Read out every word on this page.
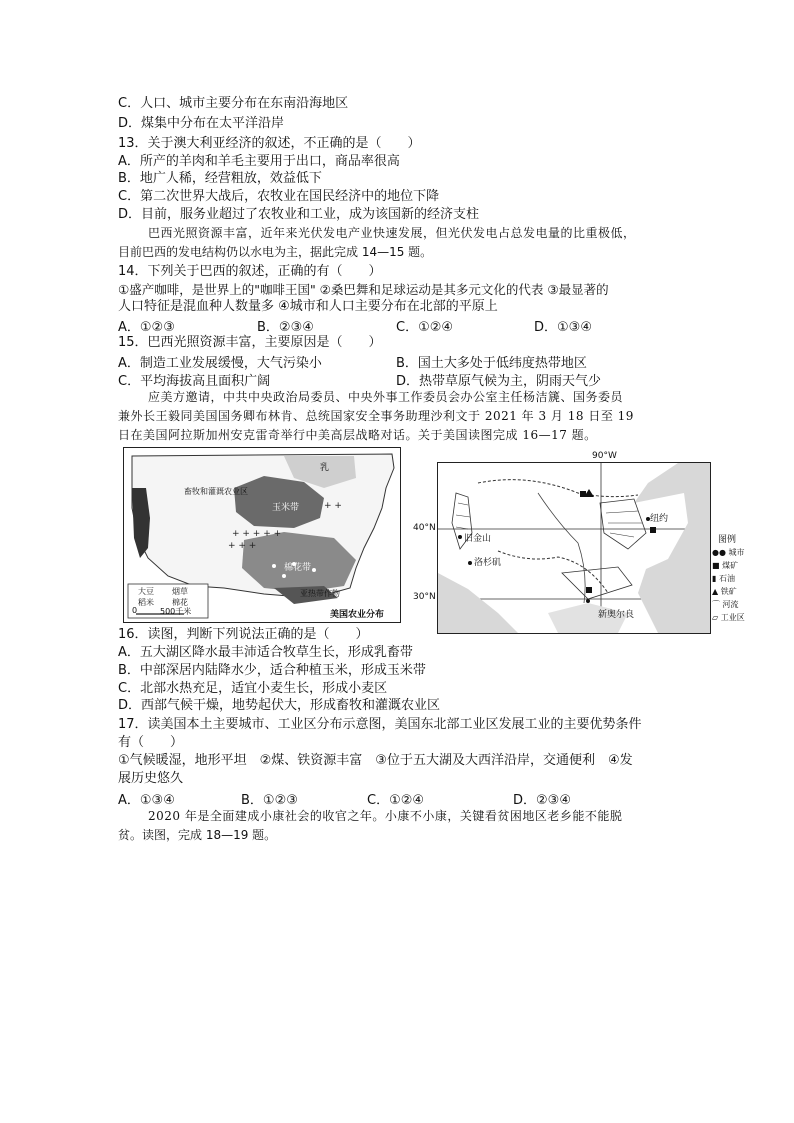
C．人口、城市主要分布在东南沿海地区
D．煤集中分布在太平洋沿岸
13．关于澳大利亚经济的叙述，不正确的是（　　）
A．所产的羊肉和羊毛主要用于出口，商品率很高
B．地广人稀，经营粗放，效益低下
C．第二次世界大战后，农牧业在国民经济中的地位下降
D．目前，服务业超过了农牧业和工业，成为该国新的经济支柱
巴西光照资源丰富，近年来光伏发电产业快速发展，但光伏发电占总发电量的比重极低，
目前巴西的发电结构仍以水电为主，据此完成 14—15 题。
14．下列关于巴西的叙述，正确的有（　　）
①盛产咖啡，是世界上的"咖啡王国" ②桑巴舞和足球运动是其多元文化的代表 ③最显著的
人口特征是混血种人数量多 ④城市和人口主要分布在北部的平原上
A．①②③	B．②③④	C．①②④	D．①③④
15．巴西光照资源丰富，主要原因是（　　）
A．制造工业发展缓慢，大气污染小	B．国土大多处于低纬度热带地区
C．平均海拔高且面积广阔	D．热带草原气候为主，阴雨天气少
应美方邀请，中共中央政治局委员、中央外事工作委员会办公室主任杨洁篪、国务委员
兼外长王毅同美国国务卿布林肯、总统国家安全事务助理沙利文于 2021 年 3 月 18 日至 19
日在美国阿拉斯加州安克雷奇举行中美高层战略对话。关于美国读图完成 16—17 题。
+ + + + +
+ + +
+ +
畜牧和灌溉农业区
玉米带
棉花带
乳
亚热带作物
大豆 烟草
稻米 棉花
0	500千米	美国农业分布
旧金山
洛杉矶
纽约
新奥尔良
90°W
40°N
30°N
图例
●● 城市
■ 煤矿
▮ 石油
▲ 铁矿
⌒ 河流
▱ 工业区
16．读图，判断下列说法正确的是（　　）
A．五大湖区降水最丰沛适合牧草生长，形成乳畜带
B．中部深居内陆降水少，适合种植玉米，形成玉米带
C．北部水热充足，适宜小麦生长，形成小麦区
D．西部气候干燥，地势起伏大，形成畜牧和灌溉农业区
17．读美国本土主要城市、工业区分布示意图，美国东北部工业区发展工业的主要优势条件
有（　　）
①气候暖湿，地形平坦　②煤、铁资源丰富　③位于五大湖及大西洋沿岸，交通便利　④发
展历史悠久
A．①③④	B．①②③	C．①②④	D．②③④
2020 年是全面建成小康社会的收官之年。小康不小康，关键看贫困地区老乡能不能脱
贫。读图，完成 18—19 题。
